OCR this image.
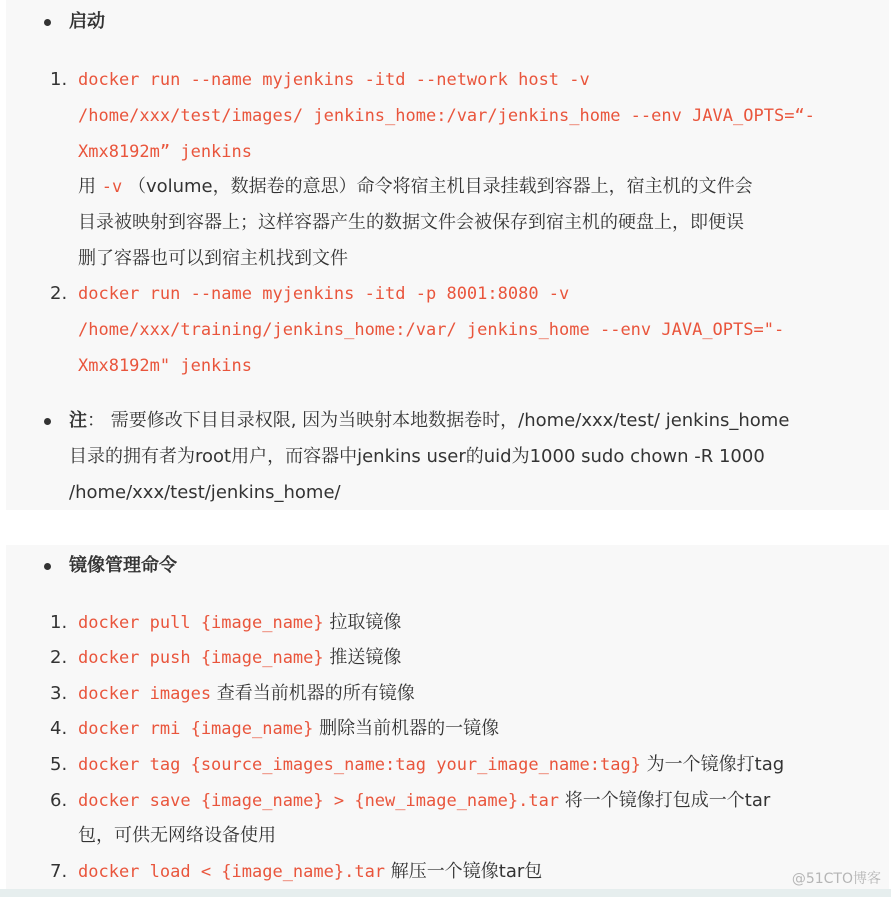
启动
1. docker run --name myjenkins -itd --network host -v
/home/xxx/test/images/ jenkins_home:/var/jenkins_home --env JAVA_OPTS=“-
Xmx8192m” jenkins
用 -v （volume，数据卷的意思）命令将宿主机目录挂载到容器上，宿主机的文件会
目录被映射到容器上；这样容器产生的数据文件会被保存到宿主机的硬盘上，即便误
删了容器也可以到宿主机找到文件
2. docker run --name myjenkins -itd -p 8001:8080 -v
/home/xxx/training/jenkins_home:/var/ jenkins_home --env JAVA_OPTS="-
Xmx8192m" jenkins
注： 需要修改下目目录权限, 因为当映射本地数据卷时，/home/xxx/test/ jenkins_home
目录的拥有者为root用户，而容器中jenkins user的uid为1000 sudo chown -R 1000
/home/xxx/test/jenkins_home/
镜像管理命令
1. docker pull {image_name} 拉取镜像
2. docker push {image_name} 推送镜像
3. docker images 查看当前机器的所有镜像
4. docker rmi {image_name} 删除当前机器的一镜像
5. docker tag {source_images_name:tag your_image_name:tag} 为一个镜像打tag
6. docker save {image_name} > {new_image_name}.tar 将一个镜像打包成一个tar
包，可供无网络设备使用
7. docker load < {image_name}.tar 解压一个镜像tar包	@51CTO博客
